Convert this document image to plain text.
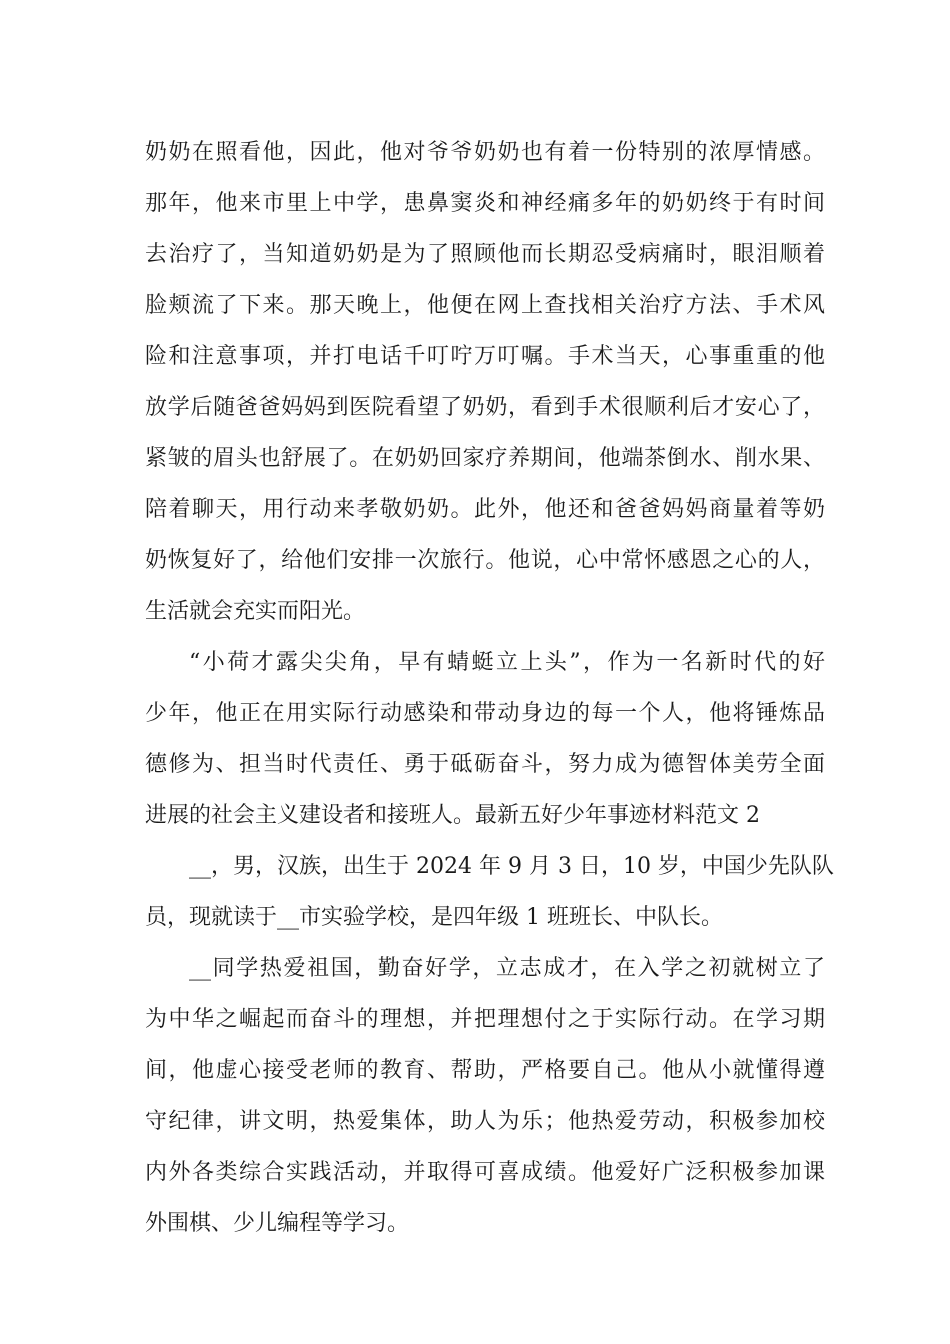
奶奶在照看他，因此，他对爷爷奶奶也有着一份特别的浓厚情感。
那年，他来市里上中学，患鼻窦炎和神经痛多年的奶奶终于有时间
去治疗了，当知道奶奶是为了照顾他而长期忍受病痛时，眼泪顺着
脸颊流了下来。那天晚上，他便在网上查找相关治疗方法、手术风
险和注意事项，并打电话千叮咛万叮嘱。手术当天，心事重重的他
放学后随爸爸妈妈到医院看望了奶奶，看到手术很顺利后才安心了，
紧皱的眉头也舒展了。在奶奶回家疗养期间，他端茶倒水、削水果、
陪着聊天，用行动来孝敬奶奶。此外，他还和爸爸妈妈商量着等奶
奶恢复好了，给他们安排一次旅行。他说，心中常怀感恩之心的人，
生活就会充实而阳光。
“小荷才露尖尖角，早有蜻蜓立上头”，作为一名新时代的好
少年，他正在用实际行动感染和带动身边的每一个人，他将锤炼品
德修为、担当时代责任、勇于砥砺奋斗，努力成为德智体美劳全面
进展的社会主义建设者和接班人。最新五好少年事迹材料范文 2
__，男，汉族，出生于 2024 年 9 月 3 日，10 岁，中国少先队队
员，现就读于__市实验学校，是四年级 1 班班长、中队长。
__同学热爱祖国，勤奋好学，立志成才，在入学之初就树立了
为中华之崛起而奋斗的理想，并把理想付之于实际行动。在学习期
间，他虚心接受老师的教育、帮助，严格要自己。他从小就懂得遵
守纪律，讲文明，热爱集体，助人为乐；他热爱劳动，积极参加校
内外各类综合实践活动，并取得可喜成绩。他爱好广泛积极参加课
外围棋、少儿编程等学习。
